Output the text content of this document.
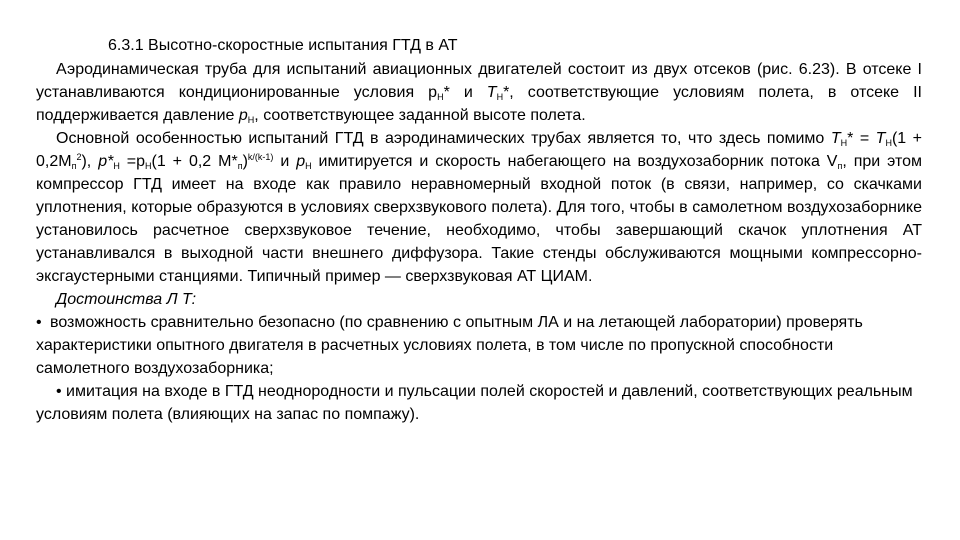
6.3.1 Высотно-скоростные испытания ГТД в АТ

Аэродинамическая труба для испытаний авиационных двигателей состоит из двух отсеков (рис. 6.23). В отсеке I устанавливаются кондиционированные условия $р_H*$ и $T_H*$, соответствующие условиям полета, в отсеке II поддерживается давление $p_H$, соответствующее заданной высоте полета.

Основной особенностью испытаний ГТД в аэродинамических трубах является то, что здесь помимо $T_H* = T_H(1 + 0,2M_п^2)$, $p*_H =p_H(1 + 0,2$ $M*_п)^{k/(k-1)}$ и $p_H$ имитируется и скорость набегающего на воздухозаборник потока $V_п$, при этом компрессор ГТД имеет на входе как правило неравномерный входной поток (в связи, например, со скачками уплотнения, которые образуются в условиях сверхзвукового полета). Для того, чтобы в самолетном воздухозаборнике установилось расчетное сверхзвуковое течение, необходимо, чтобы завершающий скачок уплотнения АТ устанавливался в выходной части внешнего диффузора. Такие стенды обслуживаются мощными компрессорно-эксгаустерными станциями. Типичный пример — сверхзвуковая АТ ЦИАМ.

Достоинства Л Т:

• возможность сравнительно безопасно (по сравнению с опытным ЛА и на летающей лаборатории) проверять характеристики опытного двигателя в расчетных условиях полета, в том числе по пропускной способности самолетного воздухозаборника;

• имитация на входе в ГТД неоднородности и пульсации полей скоростей и давлений, соответствующих реальным условиям полета (влияющих на запас по помпажу).
